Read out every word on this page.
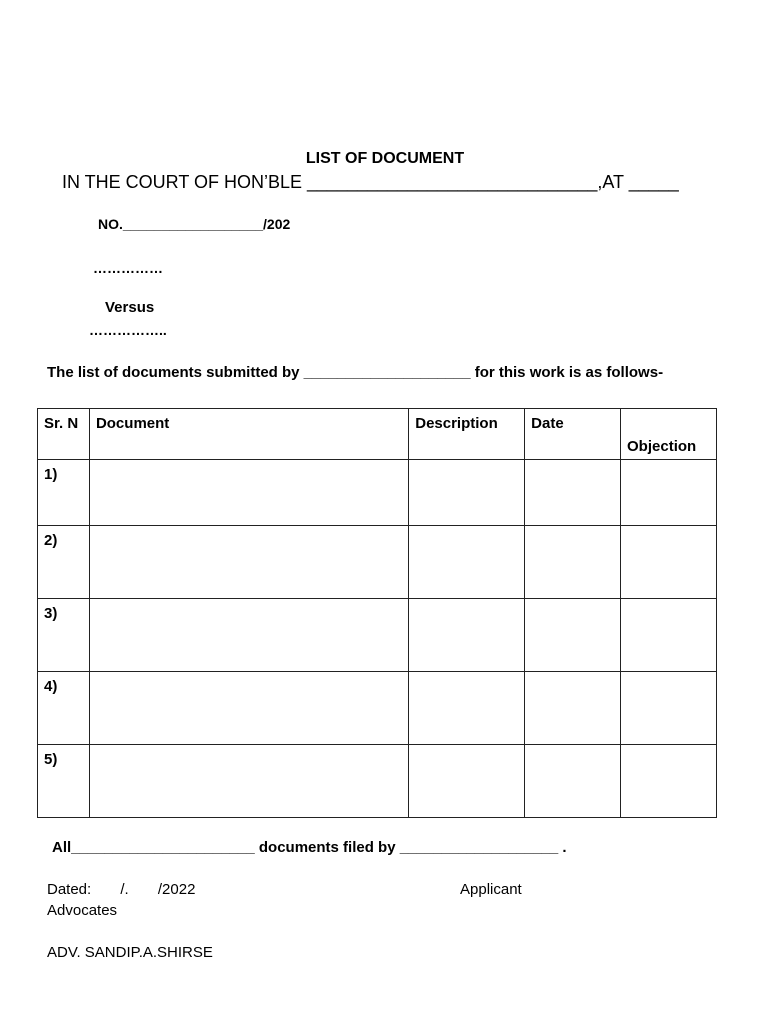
LIST OF DOCUMENT
IN THE COURT OF HON’BLE _____________________________,AT _____
NO.__________________/202
……………
Versus
……………..
The list of documents submitted by ____________________ for this work is as follows-
Sr. N	Document	Description	Date	Objection
1)				
2)				
3)				
4)				
5)				
All______________________ documents filed by ___________________ .
Dated:       /.       /2022	Applicant
Advocates
ADV. SANDIP.A.SHIRSE
